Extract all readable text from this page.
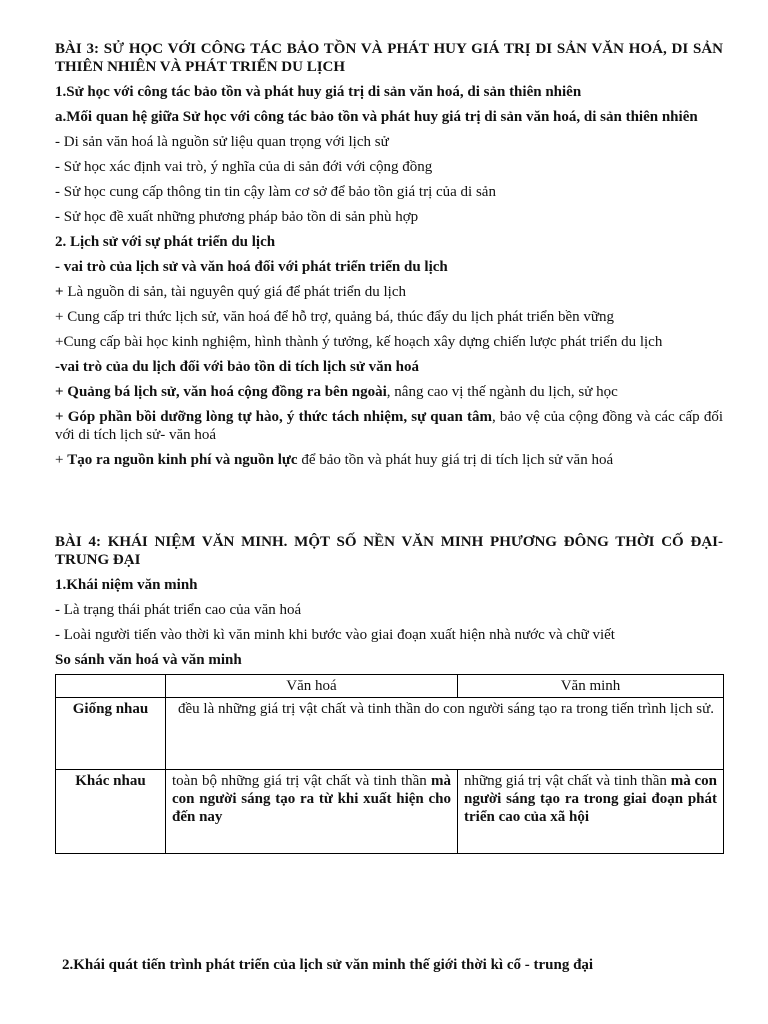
BÀI 3: SỬ HỌC VỚI CÔNG TÁC BẢO TỒN VÀ PHÁT HUY GIÁ TRỊ DI SẢN VĂN HOÁ, DI SẢN THIÊN NHIÊN VÀ PHÁT TRIỂN DU LỊCH

1.Sử học với công tác bảo tồn và phát huy giá trị di sản văn hoá, di sản thiên nhiên

a.Mối quan hệ giữa Sử học với công tác bảo tồn và phát huy giá trị di sản văn hoá, di sản thiên nhiên

- Di sản văn hoá là nguồn sử liệu quan trọng với lịch sử

- Sử học xác định vai trò, ý nghĩa của di sản đới với cộng đồng

- Sử học cung cấp thông tin tin cậy làm cơ sở để bảo tồn giá trị của di sản

- Sử học đề xuất những phương pháp bảo tồn di sản phù hợp

2. Lịch sử với sự phát triển du lịch

- vai trò của lịch sử và văn hoá đối với phát triển triển du lịch

+ Là nguồn di sản, tài nguyên quý giá để phát triển du lịch

+ Cung cấp tri thức lịch sử, văn hoá để hỗ trợ, quảng bá, thúc đẩy du lịch phát triển bền vững

+Cung cấp bài học kinh nghiệm, hình thành ý tưởng, kế hoạch xây dựng chiến lược phát triển du lịch

-vai trò của du lịch đối với bảo tồn di tích lịch sử văn hoá

+ Quảng bá lịch sử, văn hoá cộng đồng ra bên ngoài, nâng cao vị thế ngành du lịch, sử học

+ Góp phần bồi dưỡng lòng tự hào, ý thức tách nhiệm, sự quan tâm, bảo vệ của cộng đồng và các cấp đối với di tích lịch sử- văn hoá

+ Tạo ra nguồn kinh phí và nguồn lực để bảo tồn và phát huy giá trị di tích lịch sử văn hoá

BÀI 4: KHÁI NIỆM VĂN MINH. MỘT SỐ NỀN VĂN MINH PHƯƠNG ĐÔNG THỜI CỐ ĐẠI- TRUNG ĐẠI

1.Khái niệm văn minh

- Là trạng thái phát triển cao của văn hoá

- Loài người tiến vào thời kì văn minh khi bước vào giai đoạn xuất hiện nhà nước và chữ viết

So sánh văn hoá và văn minh

	Văn hoá	Văn minh
Giống nhau	đều là những giá trị vật chất và tinh thần do con người sáng tạo ra trong tiến trình lịch sử.	
Khác nhau	toàn bộ những giá trị vật chất và tinh thần mà con người sáng tạo ra từ khi xuất hiện cho đến nay	những giá trị vật chất và tinh thần mà con người sáng tạo ra trong giai đoạn phát triển cao của xã hội

2.Khái quát tiến trình phát triển của lịch sử văn minh thế giới thời kì cổ - trung đại
